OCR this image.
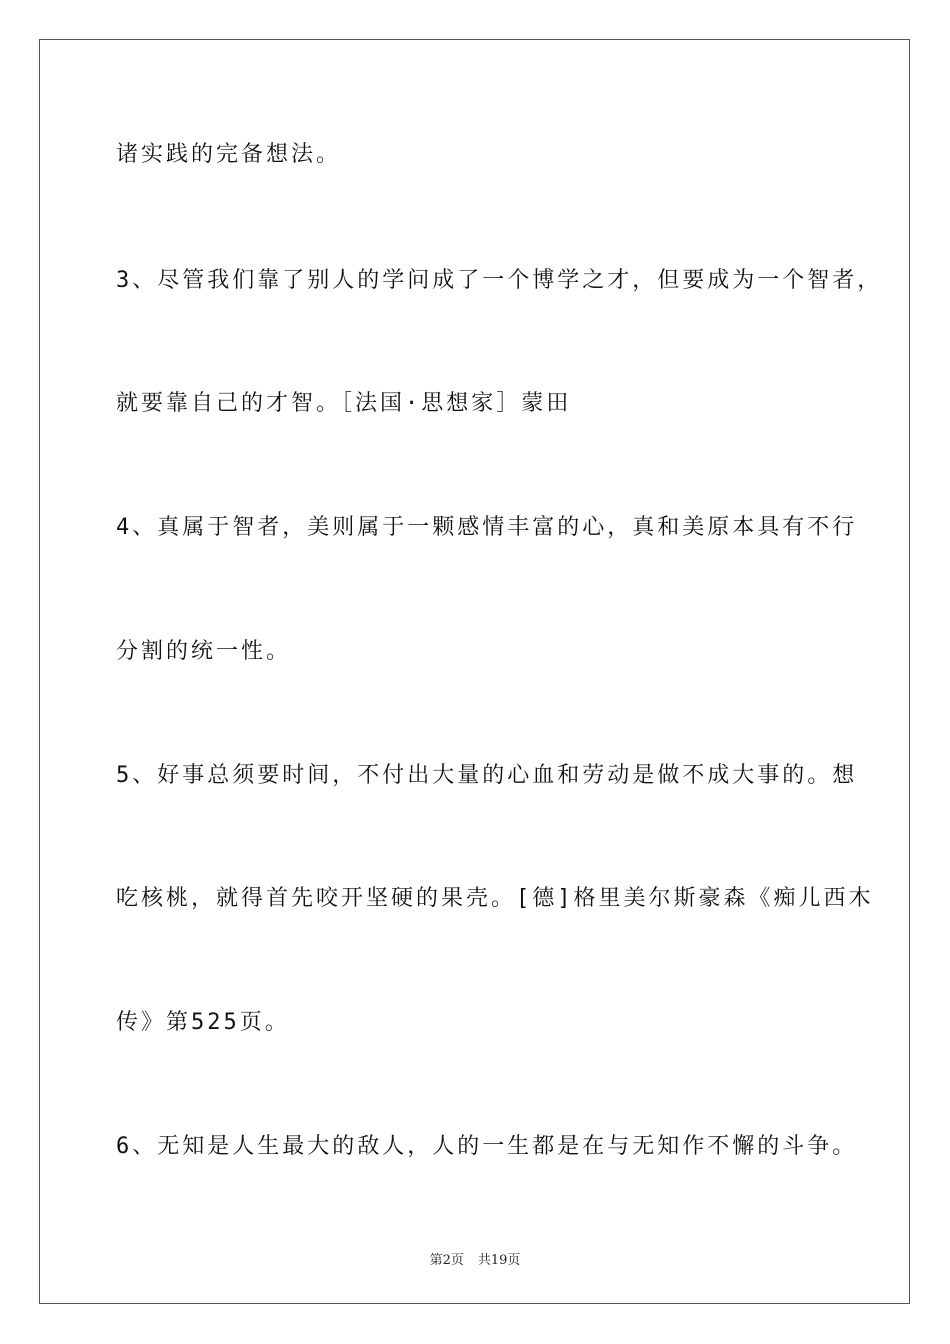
诸实践的完备想法。
3、尽管我们靠了别人的学问成了一个博学之才，但要成为一个智者，
就要靠自己的才智。［法国·思想家］蒙田
4、真属于智者，美则属于一颗感情丰富的心，真和美原本具有不行
分割的统一性。
5、好事总须要时间，不付出大量的心血和劳动是做不成大事的。想
吃核桃，就得首先咬开坚硬的果壳。[德]格里美尔斯豪森《痴儿西木
传》第525页。
6、无知是人生最大的敌人，人的一生都是在与无知作不懈的斗争。
第2页 共19页
